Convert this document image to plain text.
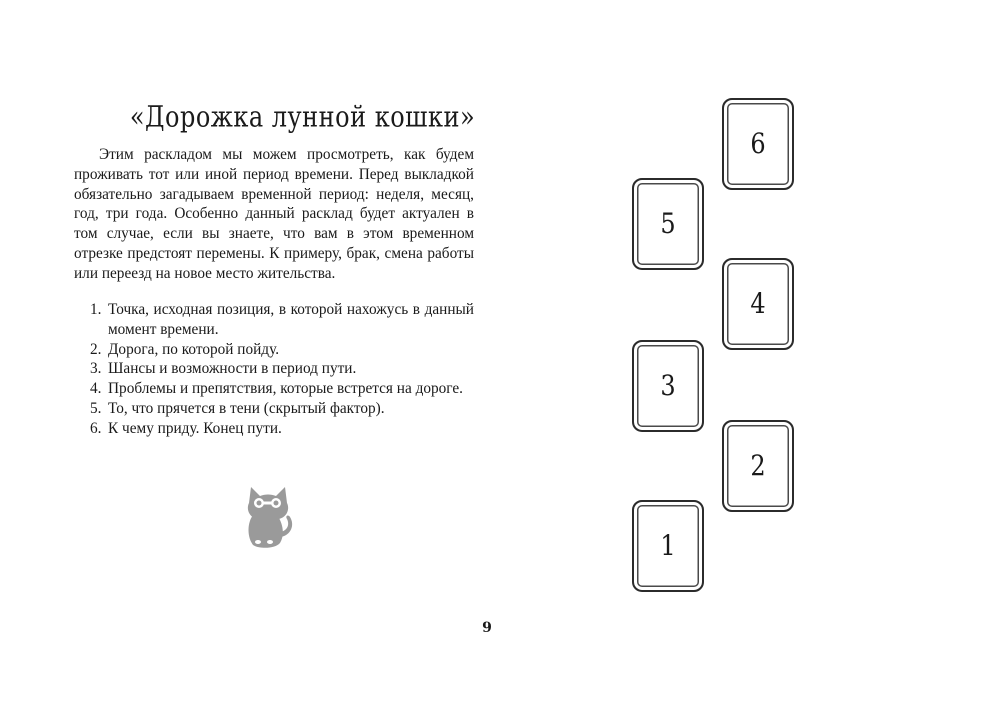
«Дорожка лунной кошки»

Этим раскладом мы можем просмотреть, как будем проживать тот или иной период времени. Перед выкладкой обязательно загадываем временной период: неделя, месяц, год, три года. Особенно данный расклад будет актуален в том случае, если вы знаете, что вам в этом временном отрезке предстоят перемены. К примеру, брак, смена работы или переезд на новое место жительства.

1. Точка, исходная позиция, в которой нахожусь в данный момент времени.
2. Дорога, по которой пойду.
3. Шансы и возможности в период пути.
4. Проблемы и препятствия, которые встрется на дороге.
5. То, что прячется в тени (скрытый фактор).
6. К чему приду. Конец пути.
1
2
3
4
5
6
9
